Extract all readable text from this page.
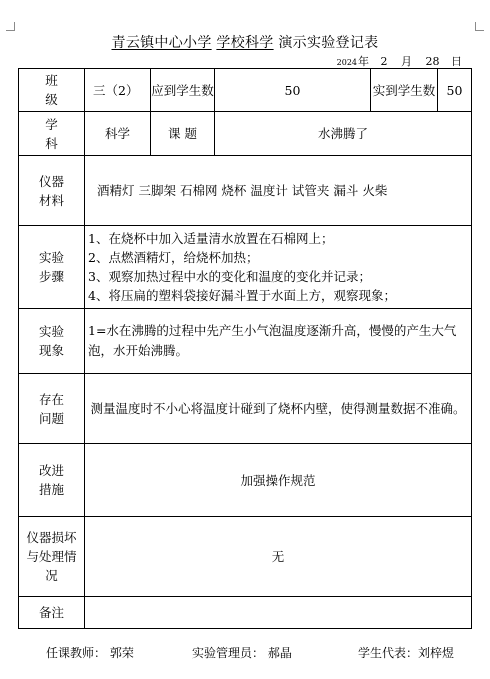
青云镇中心小学 学校科学 演示实验登记表
2024年 2 月 28 日
班 级	三（2）	应到学生数	50	实到学生数	50
学 科	科学	课 题	水沸腾了		
仪器材料	酒精灯 三脚架 石棉网 烧杯 温度计 试管夹 漏斗 火柴				
实验步骤	1、在烧杯中加入适量清水放置在石棉网上；
2、点燃酒精灯，给烧杯加热；
3、观察加热过程中水的变化和温度的变化并记录；
4、将压扁的塑料袋接好漏斗置于水面上方，观察现象；				

实验现象	1=水在沸腾的过程中先产生小气泡温度逐渐升高，慢慢的产生大气泡，水开始沸腾。				
存在问题	测量温度时不小心将温度计碰到了烧杯内壁，使得测量数据不准确。				
改进措施	加强操作规范				
仪器损坏与处理情况	无				
备注					
任课教师： 郭荣	实验管理员： 郝晶	学生代表：刘梓煜
